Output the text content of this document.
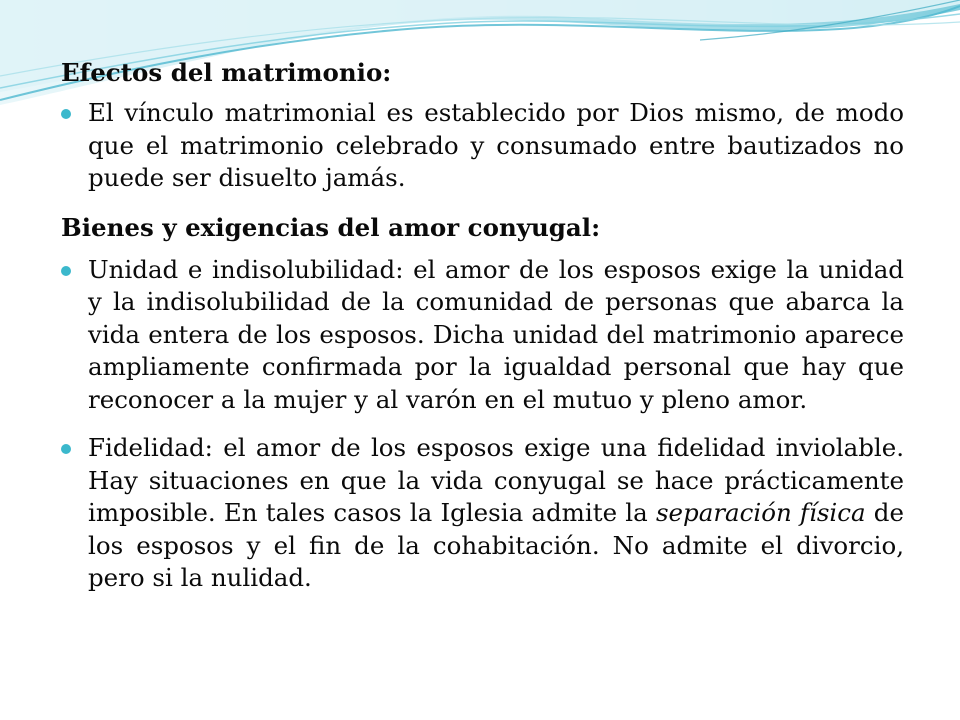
Efectos del matrimonio:

El vínculo matrimonial es establecido por Dios mismo, de modo que el matrimonio celebrado y consumado entre bautizados no puede ser disuelto jamás.

Bienes y exigencias del amor conyugal:

Unidad e indisolubilidad: el amor de los esposos exige la unidad y la indisolubilidad de la comunidad de personas que abarca la vida entera de los esposos. Dicha unidad del matrimonio aparece ampliamente confirmada por la igualdad personal que hay que reconocer a la mujer y al varón en el mutuo y pleno amor.

Fidelidad: el amor de los esposos exige una fidelidad inviolable. Hay situaciones en que la vida conyugal se hace prácticamente imposible. En tales casos la Iglesia admite la separación física de los esposos y el fin de la cohabitación. No admite el divorcio, pero si la nulidad.
